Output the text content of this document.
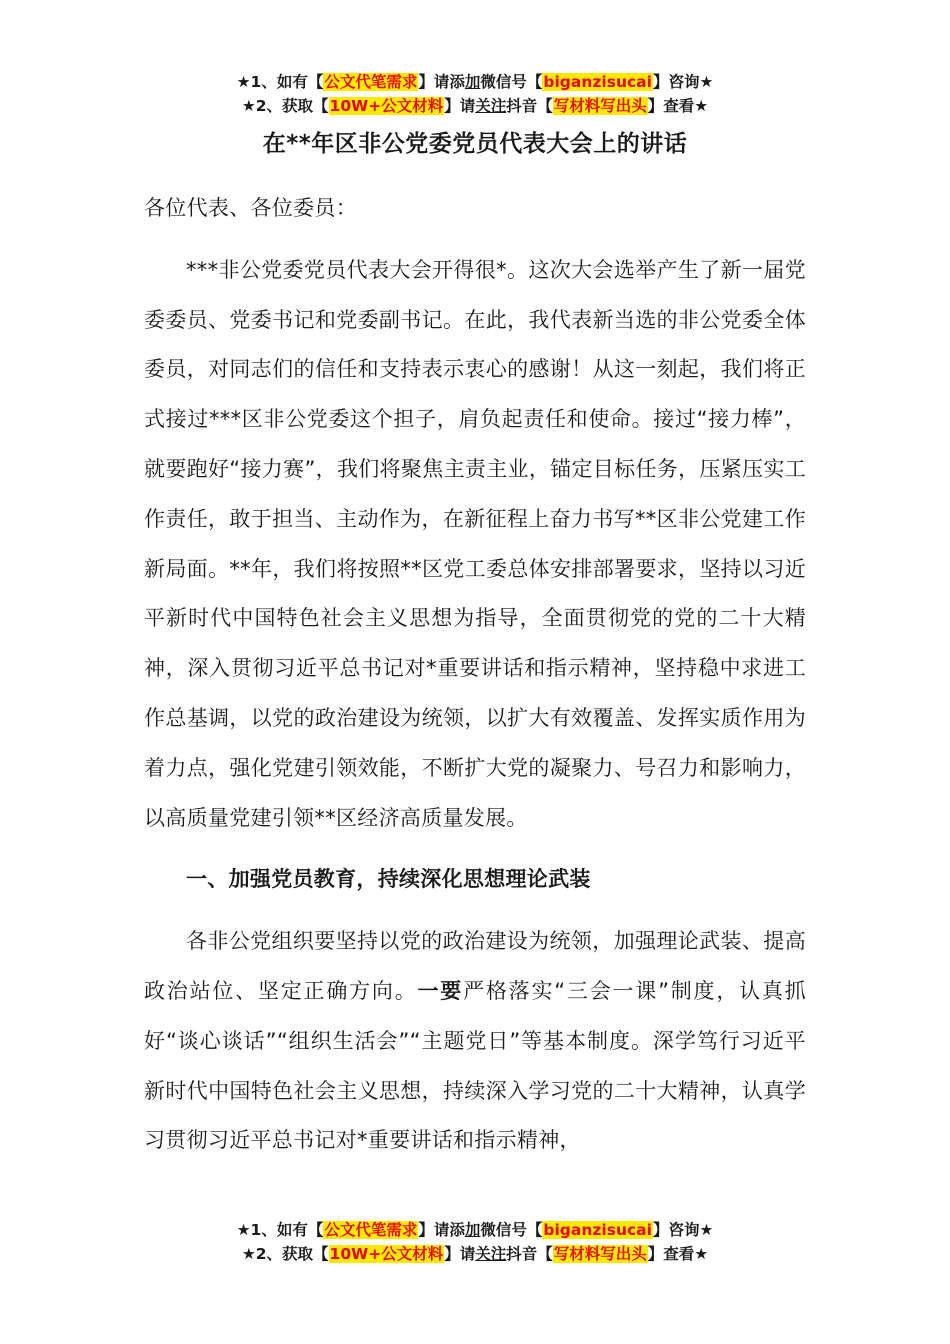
★1、如有【公文代笔需求】请添加微信号【biganzisucai】咨询★
★2、获取【10W+公文材料】请关注抖音【写材料写出头】查看★
在**年区非公党委党员代表大会上的讲话

各位代表、各位委员：

***非公党委党员代表大会开得很*。这次大会选举产生了新一届党委委员、党委书记和党委副书记。在此，我代表新当选的非公党委全体委员，对同志们的信任和支持表示衷心的感谢！从这一刻起，我们将正式接过***区非公党委这个担子，肩负起责任和使命。接过“接力棒”，就要跑好“接力赛”，我们将聚焦主责主业，锚定目标任务，压紧压实工作责任，敢于担当、主动作为，在新征程上奋力书写**区非公党建工作新局面。**年，我们将按照**区党工委总体安排部署要求，坚持以习近平新时代中国特色社会主义思想为指导，全面贯彻党的党的二十大精神，深入贯彻习近平总书记对*重要讲话和指示精神，坚持稳中求进工作总基调，以党的政治建设为统领，以扩大有效覆盖、发挥实质作用为着力点，强化党建引领效能，不断扩大党的凝聚力、号召力和影响力，以高质量党建引领**区经济高质量发展。

一、加强党员教育，持续深化思想理论武装

各非公党组织要坚持以党的政治建设为统领，加强理论武装、提高政治站位、坚定正确方向。一要严格落实“三会一课”制度，认真抓好“谈心谈话”“组织生活会”“主题党日”等基本制度。深学笃行习近平新时代中国特色社会主义思想，持续深入学习党的二十大精神，认真学习贯彻习近平总书记对*重要讲话和指示精神，

★1、如有【公文代笔需求】请添加微信号【biganzisucai】咨询★
★2、获取【10W+公文材料】请关注抖音【写材料写出头】查看★
